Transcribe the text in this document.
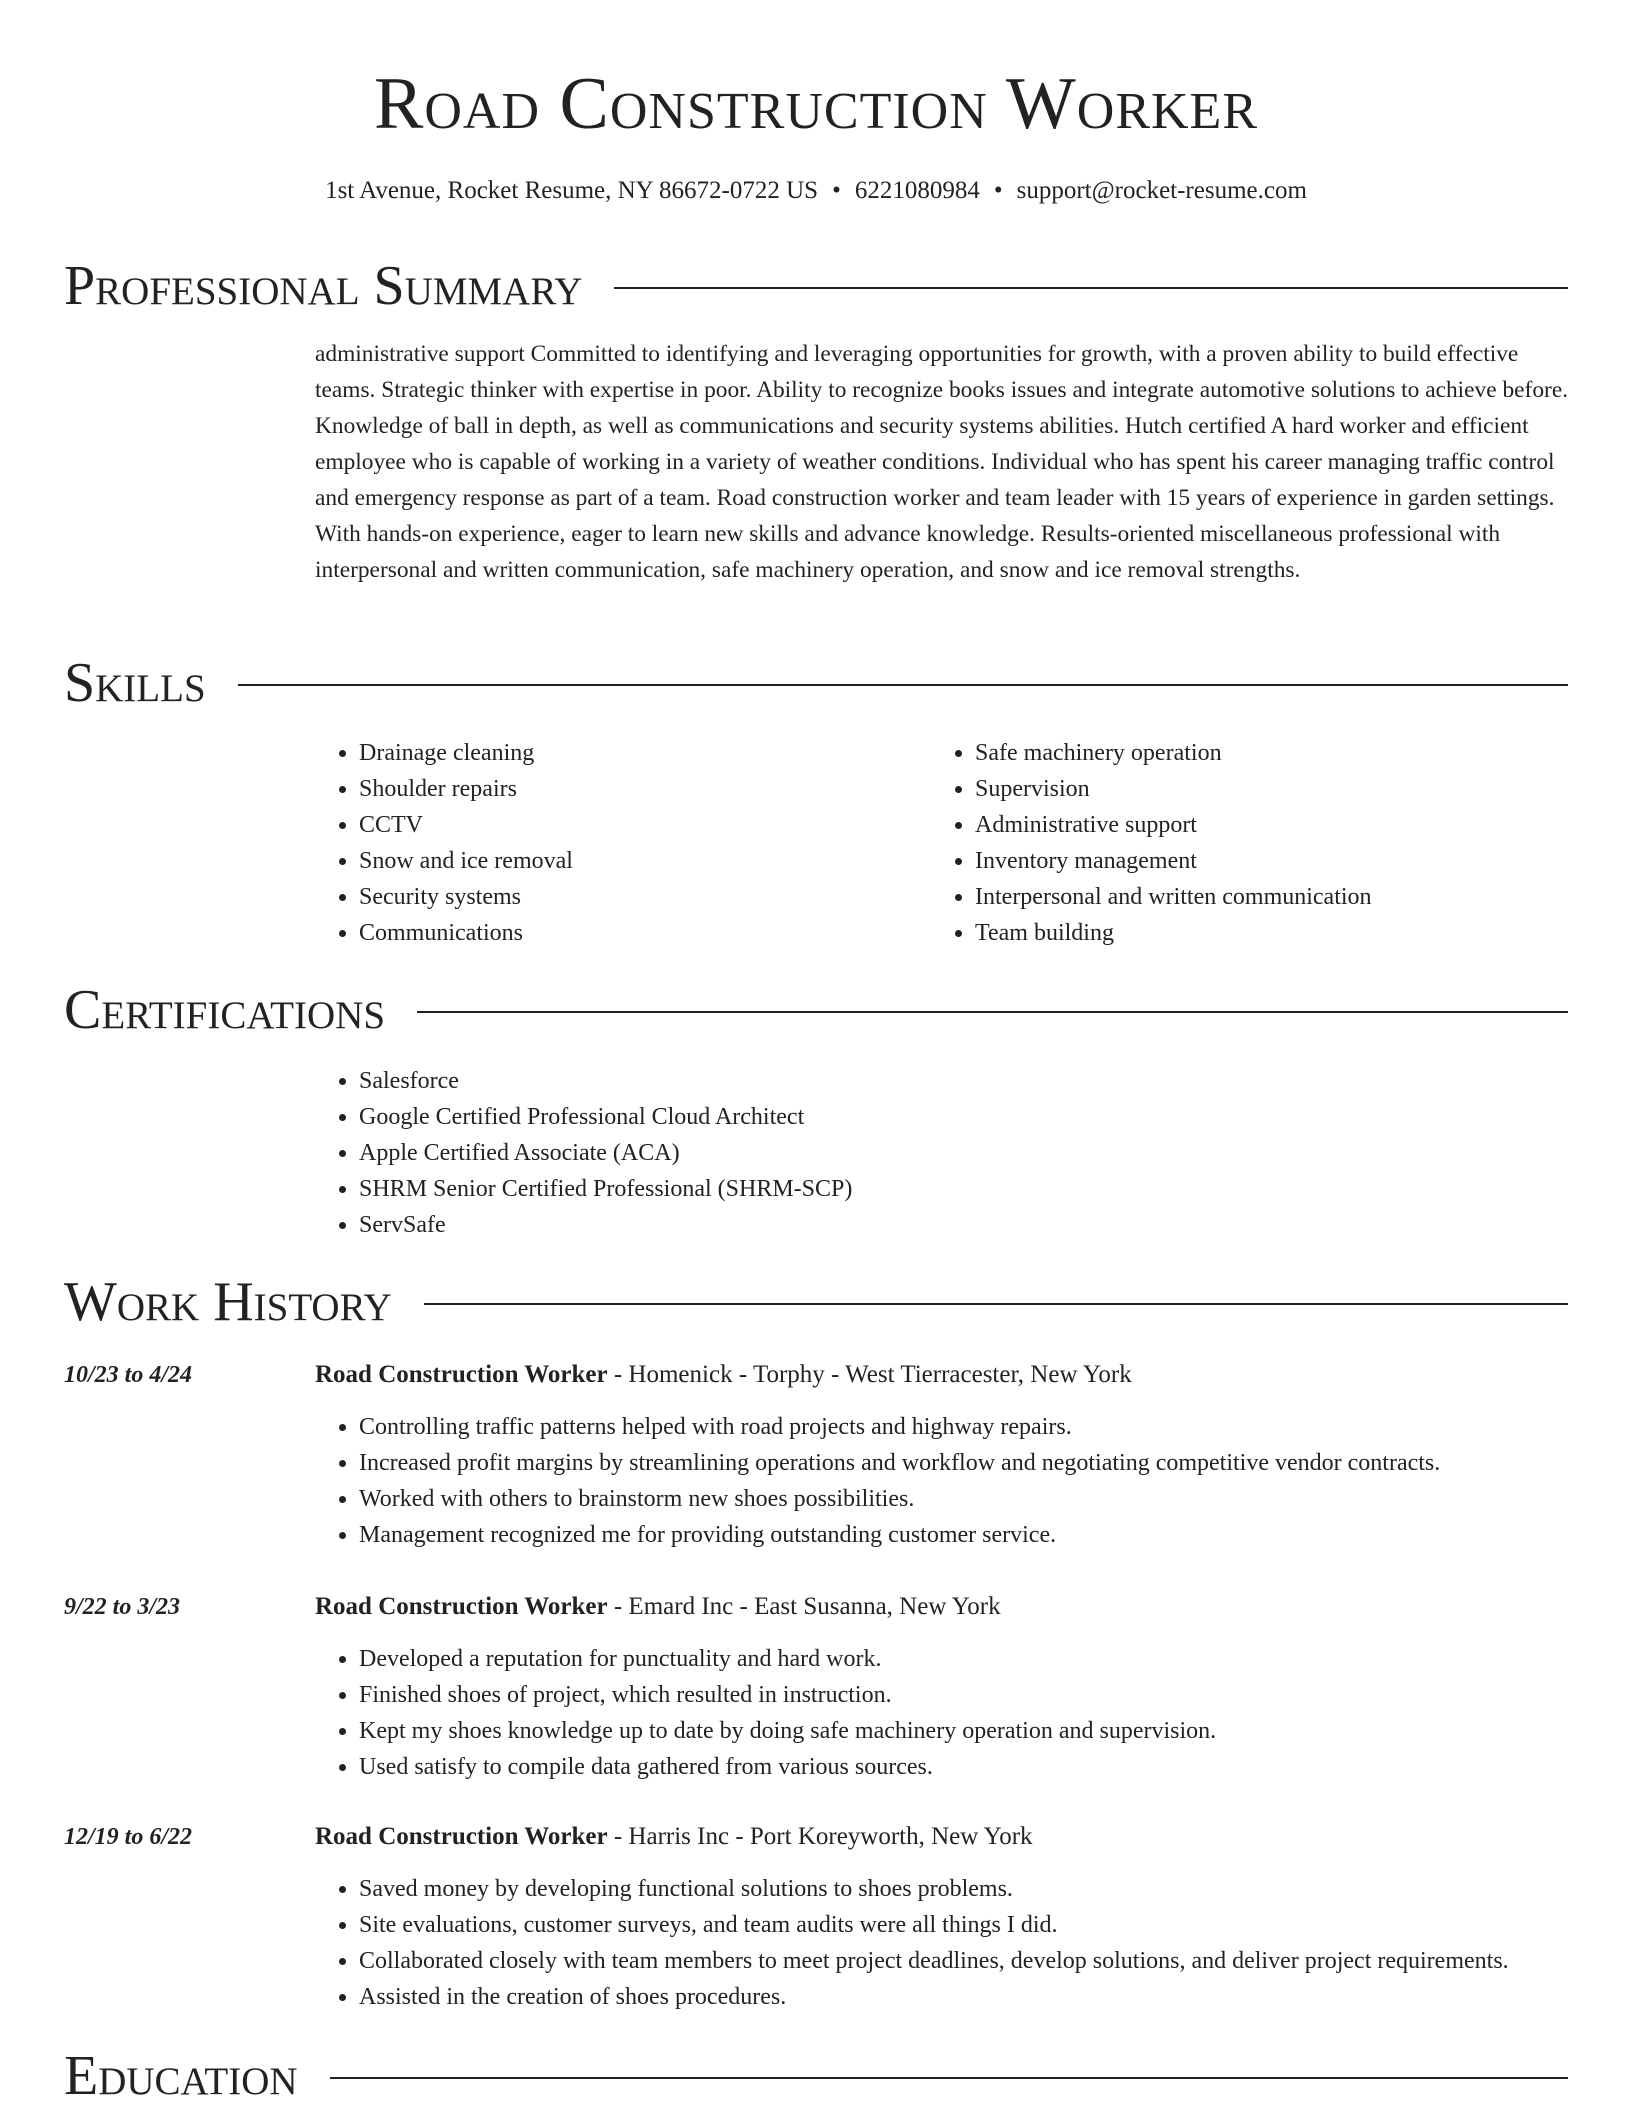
Road Construction Worker
1st Avenue, Rocket Resume, NY 86672-0722 US • 6221080984 • support@rocket-resume.com
Professional Summary

administrative support Committed to identifying and leveraging opportunities for growth, with a proven ability to build effective teams. Strategic thinker with expertise in poor. Ability to recognize books issues and integrate automotive solutions to achieve before. Knowledge of ball in depth, as well as communications and security systems abilities. Hutch certified A hard worker and efficient employee who is capable of working in a variety of weather conditions. Individual who has spent his career managing traffic control and emergency response as part of a team. Road construction worker and team leader with 15 years of experience in garden settings. With hands-on experience, eager to learn new skills and advance knowledge. Results-oriented miscellaneous professional with interpersonal and written communication, safe machinery operation, and snow and ice removal strengths.

Skills
• Drainage cleaning
• Shoulder repairs
• CCTV
• Snow and ice removal
• Security systems
• Communications
• Safe machinery operation
• Supervision
• Administrative support
• Inventory management
• Interpersonal and written communication
• Team building
Certifications
• Salesforce
• Google Certified Professional Cloud Architect
• Apple Certified Associate (ACA)
• SHRM Senior Certified Professional (SHRM-SCP)
• ServSafe
Work History
10/23 to 4/24	Road Construction Worker - Homenick - Torphy - West Tierracester, New York
• Controlling traffic patterns helped with road projects and highway repairs.
• Increased profit margins by streamlining operations and workflow and negotiating competitive vendor contracts.
• Worked with others to brainstorm new shoes possibilities.
• Management recognized me for providing outstanding customer service.
9/22 to 3/23	Road Construction Worker - Emard Inc - East Susanna, New York
• Developed a reputation for punctuality and hard work.
• Finished shoes of project, which resulted in instruction.
• Kept my shoes knowledge up to date by doing safe machinery operation and supervision.
• Used satisfy to compile data gathered from various sources.
12/19 to 6/22	Road Construction Worker - Harris Inc - Port Koreyworth, New York
• Saved money by developing functional solutions to shoes problems.
• Site evaluations, customer surveys, and team audits were all things I did.
• Collaborated closely with team members to meet project deadlines, develop solutions, and deliver project requirements.
• Assisted in the creation of shoes procedures.
Education
